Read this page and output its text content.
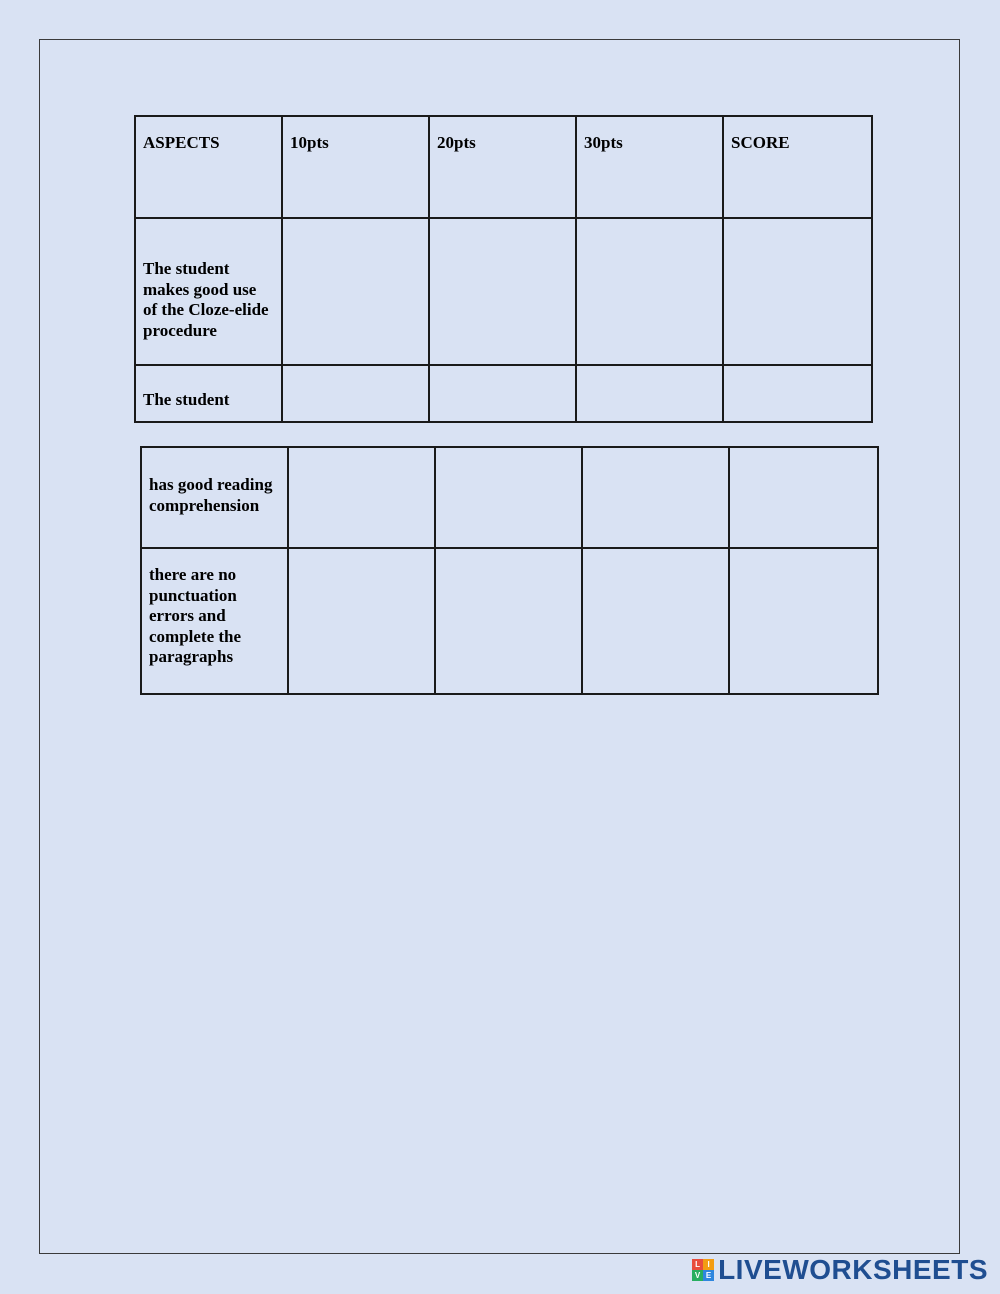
ASPECTS	10pts	20pts	30pts	SCORE
The student makes good use of the Cloze-elide procedure				
The student				
has good reading comprehension				
there are no punctuation errors and complete the paragraphs				
L I
V E LIVEWORKSHEETS
